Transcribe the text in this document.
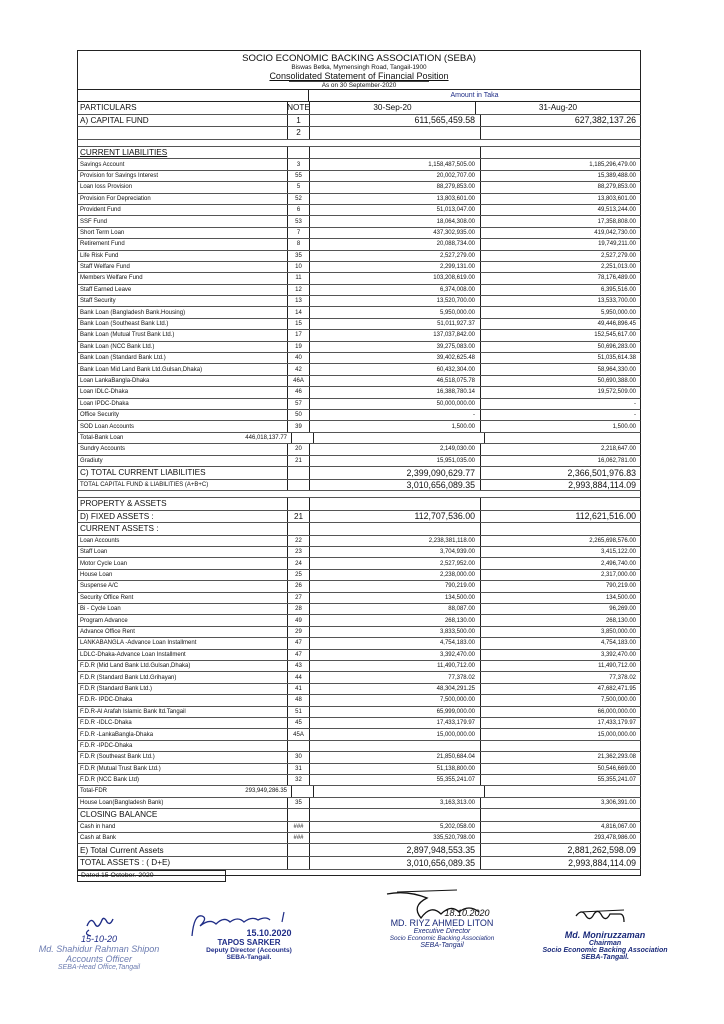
SOCIO ECONOMIC BACKING ASSOCIATION (SEBA)
Biswas Betka, Mymensingh Road, Tangail-1900
Consolidated Statement of Financial Position
As on 30 September-2020
Amount in Taka
PARTICULARS	NOTE	30-Sep-20	31-Aug-20
A) CAPITAL FUND	1	611,565,459.58	627,382,137.26
2
CURRENT LIABILITIES
Savings Account	3	1,158,487,505.00	1,185,296,479.00
Provision for Savings Interest	55	20,002,707.00	15,389,488.00
Loan loss Provision	5	88,279,853.00	88,279,853.00
Provision For Depreciation	52	13,803,601.00	13,803,601.00
Provident Fund	6	51,013,047.00	49,513,244.00
SSF Fund	53	18,064,308.00	17,358,808.00
Short Term Loan	7	437,302,935.00	419,042,730.00
Retirement Fund	8	20,088,734.00	19,749,211.00
Life Risk Fund	35	2,527,279.00	2,527,279.00
Staff Welfare Fund	10	2,299,131.00	2,251,013.00
Members Welfare Fund	11	103,208,619.00	78,176,489.00
Staff Earned Leave	12	6,374,008.00	6,395,516.00
Staff Security	13	13,520,700.00	13,533,700.00
Bank Loan (Bangladesh Bank.Housing)	14	5,950,000.00	5,950,000.00
Bank Loan (Southeast Bank Ltd.)	15	51,011,927.37	49,446,896.45
Bank Loan (Mutual Trust Bank Ltd.)	17	137,037,842.00	152,545,617.00
Bank Loan (NCC Bank Ltd.)	19	39,275,083.00	50,696,283.00
Bank Loan (Standard Bank Ltd.)	40	39,402,625.48	51,035,614.38
Bank Loan Mid Land Bank Ltd.Gulsan,Dhaka)	42	60,432,304.00	58,964,330.00
Loan LankaBangla-Dhaka	46A	46,518,075.78	50,690,388.00
Loan IDLC-Dhaka	46	16,388,780.14	19,572,509.00
Loan IPDC-Dhaka	57	50,000,000.00	-
Office Security	50	-	-
SOD Loan Accounts	39	1,500.00	1,500.00
Total-Bank Loan	446,018,137.77
Sundry Accounts	20	2,149,030.00	2,218,647.00
Gradiuty	21	15,951,035.00	16,062,781.00
C) TOTAL CURRENT LIABILITIES	2,399,090,629.77	2,366,501,976.83
TOTAL CAPITAL FUND & LIABILITIES (A+B+C)	3,010,656,089.35	2,993,884,114.09
PROPERTY & ASSETS
D) FIXED ASSETS :	21	112,707,536.00	112,621,516.00
CURRENT ASSETS :
Loan Accounts	22	2,238,381,118.00	2,265,698,576.00
Staff Loan	23	3,704,939.00	3,415,122.00
Motor Cycle Loan	24	2,527,952.00	2,496,740.00
House Loan	25	2,238,000.00	2,317,000.00
Suspense A/C	26	790,219.00	790,219.00
Security Office Rent	27	134,500.00	134,500.00
Bi - Cycle Loan	28	88,087.00	96,269.00
Program Advance	49	268,130.00	268,130.00
Advance Office Rent	29	3,833,500.00	3,850,000.00
LANKABANGLA -Advance Loan Installment	47	4,754,183.00	4,754,183.00
LDLC-Dhaka-Advance Loan Installment	47	3,392,470.00	3,392,470.00
F.D.R (Mid Land Bank Ltd.Gulsan,Dhaka)	43	11,490,712.00	11,490,712.00
F.D.R (Standard Bank Ltd.Grihayan)	44	77,378.02	77,378.02
F.D.R (Standard Bank Ltd.)	41	48,304,291.25	47,682,471.95
F.D.R- IPDC-Dhaka	48	7,500,000.00	7,500,000.00
F.D.R-Al Arafah Islamic Bank ltd.Tangail	51	65,999,000.00	66,000,000.00
F.D.R -IDLC-Dhaka	45	17,433,179.97	17,433,179.97
F.D.R -LankaBangla-Dhaka	45A	15,000,000.00	15,000,000.00
F.D.R -IPDC-Dhaka
F.D.R (Southeast Bank Ltd.)	30	21,850,684.04	21,362,293.08
F.D.R (Mutual Trust Bank Ltd.)	31	51,138,800.00	50,546,669.00
F.D.R (NCC Bank Ltd)	32	55,355,241.07	55,355,241.07
Total-FDR	293,949,286.35
House Loan(Bangladesh Bank)	35	3,163,313.00	3,306,391.00
CLOSING BALANCE
Cash in hand	###	5,202,058.00	4,816,067.00
Cash at Bank	###	335,520,798.00	293,478,986.00
E) Total Current Assets	2,897,948,553.35	2,881,262,598.09
TOTAL ASSETS : ( D+E)	3,010,656,089.35	2,993,884,114.09
Dated.15 October.-2020
15-10-20
Md. Shahidur Rahman Shipon
Accounts Officer
SEBA-Head Office,Tangail
15.10.2020
TAPOS SARKER
Deputy Director (Accounts)
SEBA-Tangail.
18.10.2020
MD. RIYZ AHMED LITON
Executive Director
Socio Economic Backing Association
SEBA-Tangail
Md. Moniruzzaman
Chairman
Socio Economic Backing Association
SEBA-Tangail.
